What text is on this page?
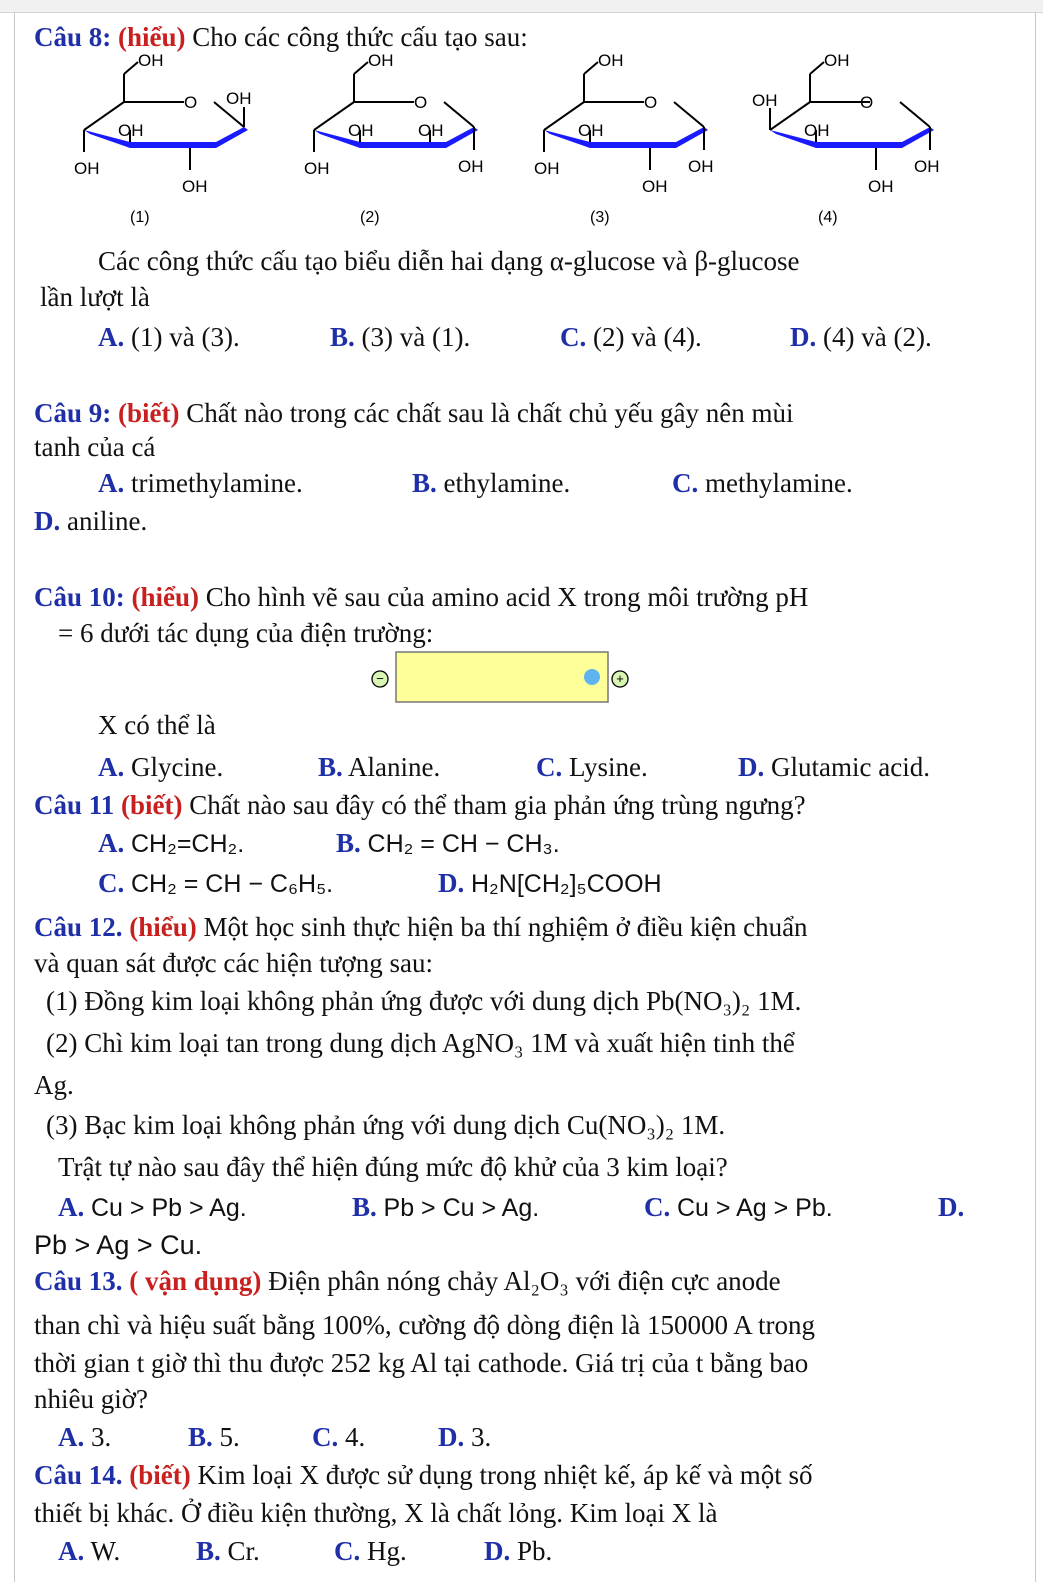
Câu 8: (hiểu) Cho các công thức cấu tạo sau:
OH
O OH
OH
OH
OH
OH
O
OH
OH
OH	OH
OH
O
OH
OH
OH
OH
OH
O
OH
OH
OH
OH
(1)	(2)	(3)	(4)
Các công thức cấu tạo biểu diễn hai dạng α-glucose và β-glucose
lần lượt là
A. (1) và (3).	B. (3) và (1).	C. (2) và (4).	D. (4) và (2).
Câu 9: (biết) Chất nào trong các chất sau là chất chủ yếu gây nên mùi
tanh của cá
A. trimethylamine.	B. ethylamine.	C. methylamine.
D. aniline.
Câu 10: (hiểu) Cho hình vẽ sau của amino acid X trong môi trường pH
= 6 dưới tác dụng của điện trường:
−	+
X có thể là
A. Glycine.	B. Alanine.	C. Lysine.	D. Glutamic acid.
Câu 11 (biết) Chất nào sau đây có thể tham gia phản ứng trùng ngưng?
A. CH₂=CH₂.	B. CH₂ = CH − CH₃.
C. CH₂ = CH − C₆H₅.	D. H₂N[CH₂]₅COOH
Câu 12. (hiểu) Một học sinh thực hiện ba thí nghiệm ở điều kiện chuẩn
và quan sát được các hiện tượng sau:
(1) Đồng kim loại không phản ứng được với dung dịch Pb(NO₃)₂ 1M.
(2) Chì kim loại tan trong dung dịch AgNO₃ 1M và xuất hiện tinh thể
Ag.
(3) Bạc kim loại không phản ứng với dung dịch Cu(NO₃)₂ 1M.
Trật tự nào sau đây thể hiện đúng mức độ khử của 3 kim loại?
A. Cu > Pb > Ag.	B. Pb > Cu > Ag.	C. Cu > Ag > Pb.	D.
Pb > Ag > Cu.
Câu 13. ( vận dụng) Điện phân nóng chảy Al₂O₃ với điện cực anode
than chì và hiệu suất bằng 100%, cường độ dòng điện là 150000 A trong
thời gian t giờ thì thu được 252 kg Al tại cathode. Giá trị của t bằng bao
nhiêu giờ?
A. 3.	B. 5.	C. 4.	D. 3.
Câu 14. (biết) Kim loại X được sử dụng trong nhiệt kế, áp kế và một số
thiết bị khác. Ở điều kiện thường, X là chất lỏng. Kim loại X là
A. W.	B. Cr.	C. Hg.	D. Pb.
